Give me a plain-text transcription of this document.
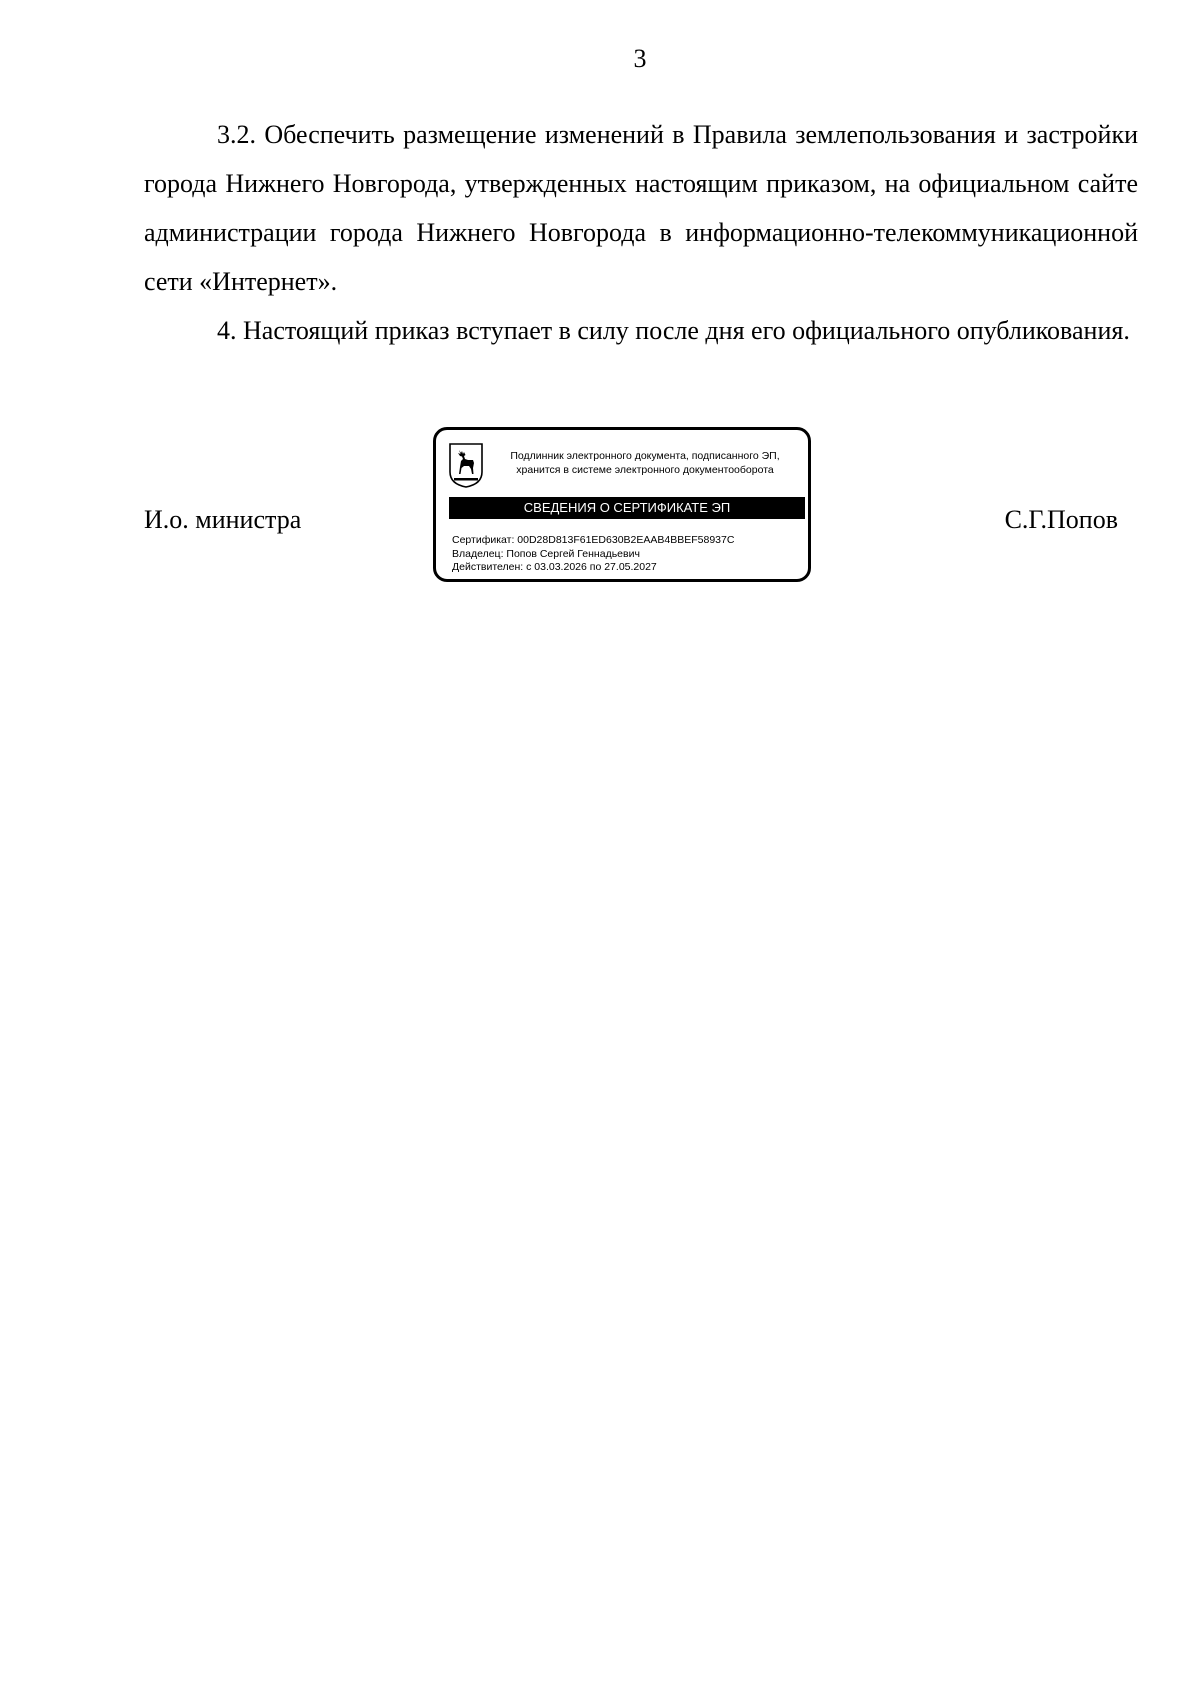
3

3.2. Обеспечить размещение изменений в Правила землепользования и застройки города Нижнего Новгорода, утвержденных настоящим приказом, на официальном сайте администрации города Нижнего Новгорода в информационно-телекоммуникационной сети «Интернет».

4. Настоящий приказ вступает в силу после дня его официального опубликования.

И.о. министра	С.Г.Попов
Подлинник электронного документа, подписанного ЭП,
хранится в системе электронного документооборота
СВЕДЕНИЯ О СЕРТИФИКАТЕ ЭП
Сертификат: 00D28D813F61ED630B2EAAB4BBEF58937C
Владелец: Попов Сергей Геннадьевич
Действителен: с 03.03.2026 по 27.05.2027
